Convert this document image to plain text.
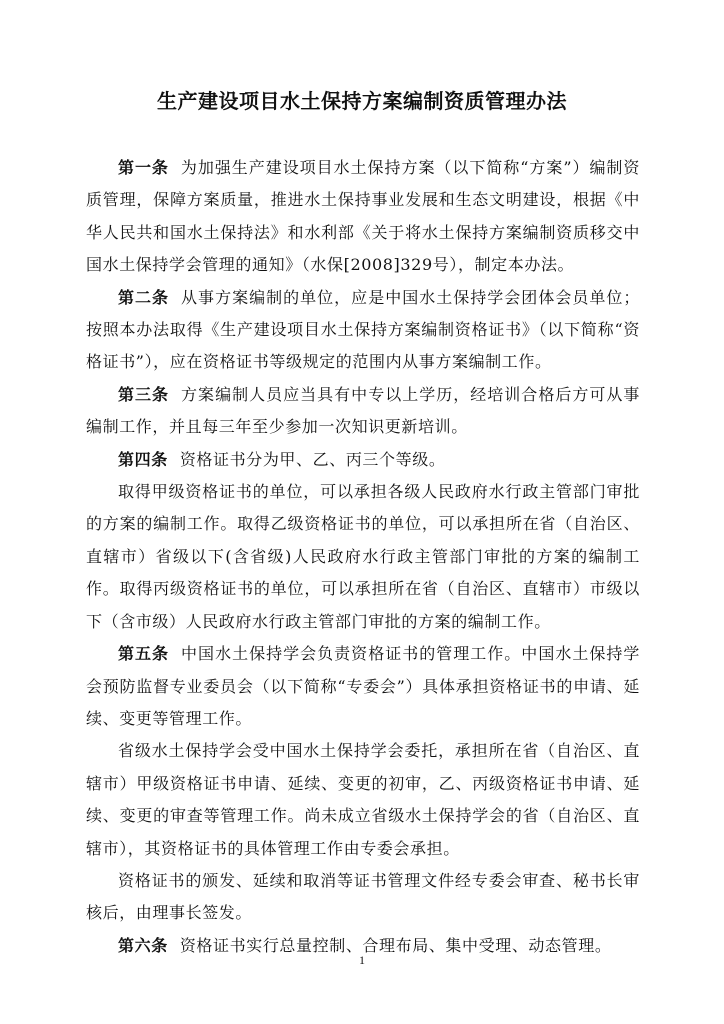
生产建设项目水土保持方案编制资质管理办法

第一条 为加强生产建设项目水土保持方案（以下简称“方案”）编制资质管理，保障方案质量，推进水土保持事业发展和生态文明建设，根据《中华人民共和国水土保持法》和水利部《关于将水土保持方案编制资质移交中国水土保持学会管理的通知》（水保[2008]329号），制定本办法。

第二条 从事方案编制的单位，应是中国水土保持学会团体会员单位；按照本办法取得《生产建设项目水土保持方案编制资格证书》（以下简称“资格证书”），应在资格证书等级规定的范围内从事方案编制工作。

第三条 方案编制人员应当具有中专以上学历，经培训合格后方可从事编制工作，并且每三年至少参加一次知识更新培训。

第四条 资格证书分为甲、乙、丙三个等级。

取得甲级资格证书的单位，可以承担各级人民政府水行政主管部门审批的方案的编制工作。取得乙级资格证书的单位，可以承担所在省（自治区、直辖市）省级以下(含省级)人民政府水行政主管部门审批的方案的编制工作。取得丙级资格证书的单位，可以承担所在省（自治区、直辖市）市级以下（含市级）人民政府水行政主管部门审批的方案的编制工作。

第五条 中国水土保持学会负责资格证书的管理工作。中国水土保持学会预防监督专业委员会（以下简称“专委会”）具体承担资格证书的申请、延续、变更等管理工作。

省级水土保持学会受中国水土保持学会委托，承担所在省（自治区、直辖市）甲级资格证书申请、延续、变更的初审，乙、丙级资格证书申请、延续、变更的审查等管理工作。尚未成立省级水土保持学会的省（自治区、直辖市），其资格证书的具体管理工作由专委会承担。

资格证书的颁发、延续和取消等证书管理文件经专委会审查、秘书长审核后，由理事长签发。

第六条 资格证书实行总量控制、合理布局、集中受理、动态管理。

1
